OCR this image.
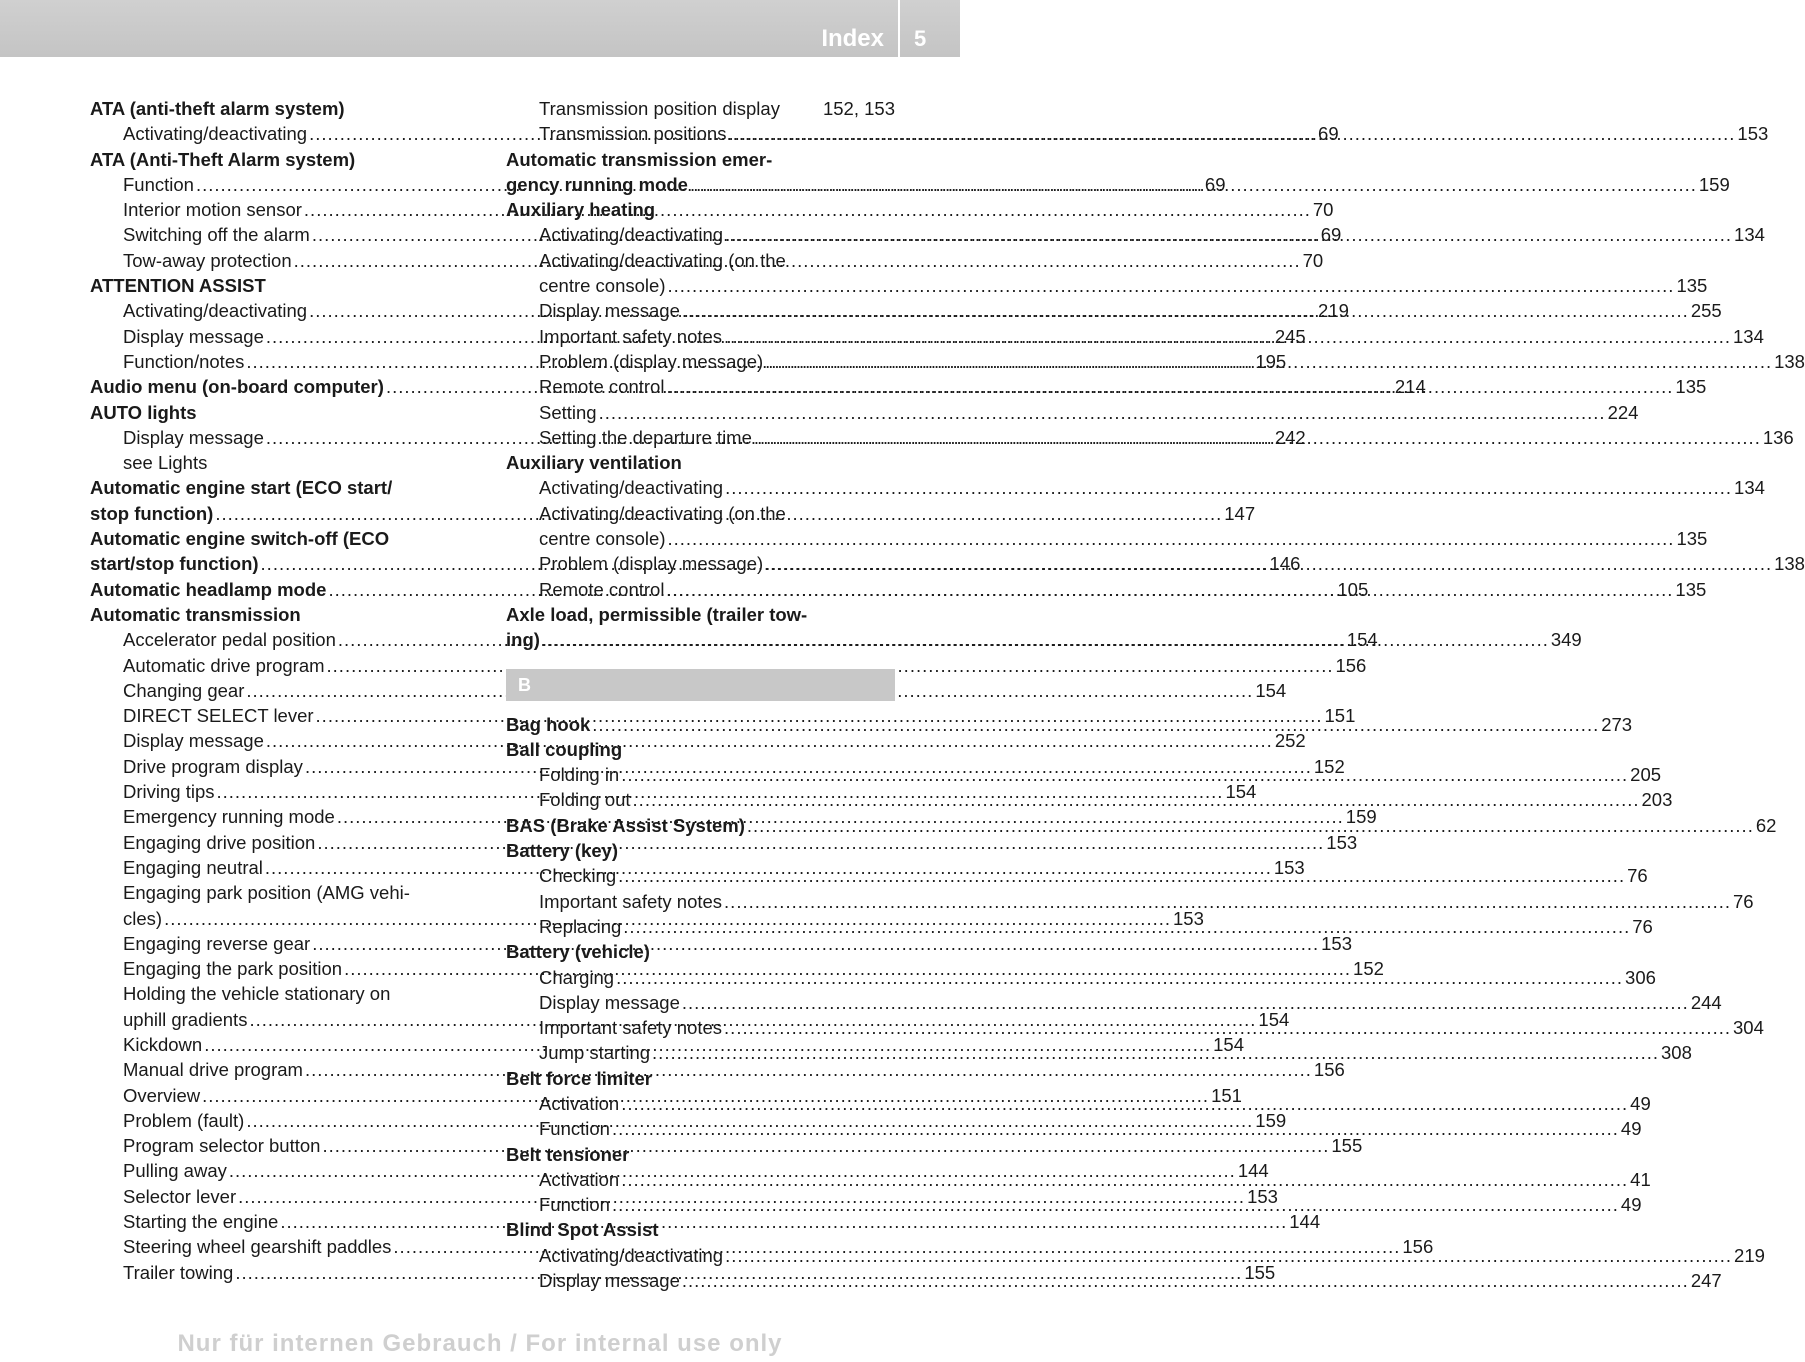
Index 5
ATA (anti-theft alarm system)
Activating/deactivating .....	69
ATA (Anti-Theft Alarm system)
Function .....	69
Interior motion sensor .....	70
Switching off the alarm .....	69
Tow-away protection .....	70
ATTENTION ASSIST
Activating/deactivating .....	219
Display message .....	245
Function/notes .....	195
Audio menu (on-board computer) .....	214
AUTO lights
Display message .....	242
see Lights
Automatic engine start (ECO start/
stop function) .....	147
Automatic engine switch-off (ECO
start/stop function) .....	146
Automatic headlamp mode .....	105
Automatic transmission
Accelerator pedal position .....	154
Automatic drive program .....	156
Changing gear .....	154
DIRECT SELECT lever .....	151
Display message .....	252
Drive program display .....	152
Driving tips .....	154
Emergency running mode .....	159
Engaging drive position .....	153
Engaging neutral .....	153
Engaging park position (AMG vehi-
cles) .....	153
Engaging reverse gear .....	153
Engaging the park position .....	152
Holding the vehicle stationary on
uphill gradients .....	154
Kickdown .....	154
Manual drive program .....	156
Overview .....	151
Problem (fault) .....	159
Program selector button .....	155
Pulling away .....	144
Selector lever .....	153
Starting the engine .....	144
Steering wheel gearshift paddles .....	156
Trailer towing .....	155
Transmission position display 152, 153
Transmission positions .....	153
Automatic transmission emer-
gency running mode .....	159
Auxiliary heating
Activating/deactivating .....	134
Activating/deactivating (on the
centre console) .....	135
Display message .....	255
Important safety notes .....	134
Problem (display message) .....	138
Remote control .....	135
Setting .....	224
Setting the departure time .....	136
Auxiliary ventilation
Activating/deactivating .....	134
Activating/deactivating (on the
centre console) .....	135
Problem (display message) .....	138
Remote control .....	135
Axle load, permissible (trailer tow-
ing) .....	349
B
Bag hook .....	273
Ball coupling
Folding in .....	205
Folding out .....	203
BAS (Brake Assist System) .....	62
Battery (key)
Checking .....	76
Important safety notes .....	76
Replacing .....	76
Battery (vehicle)
Charging .....	306
Display message .....	244
Important safety notes .....	304
Jump starting .....	308
Belt force limiter
Activation .....	49
Function .....	49
Belt tensioner
Activation .....	41
Function .....	49
Blind Spot Assist
Activating/deactivating .....	219
Display message .....	247
Nur für internen Gebrauch / For internal use only
